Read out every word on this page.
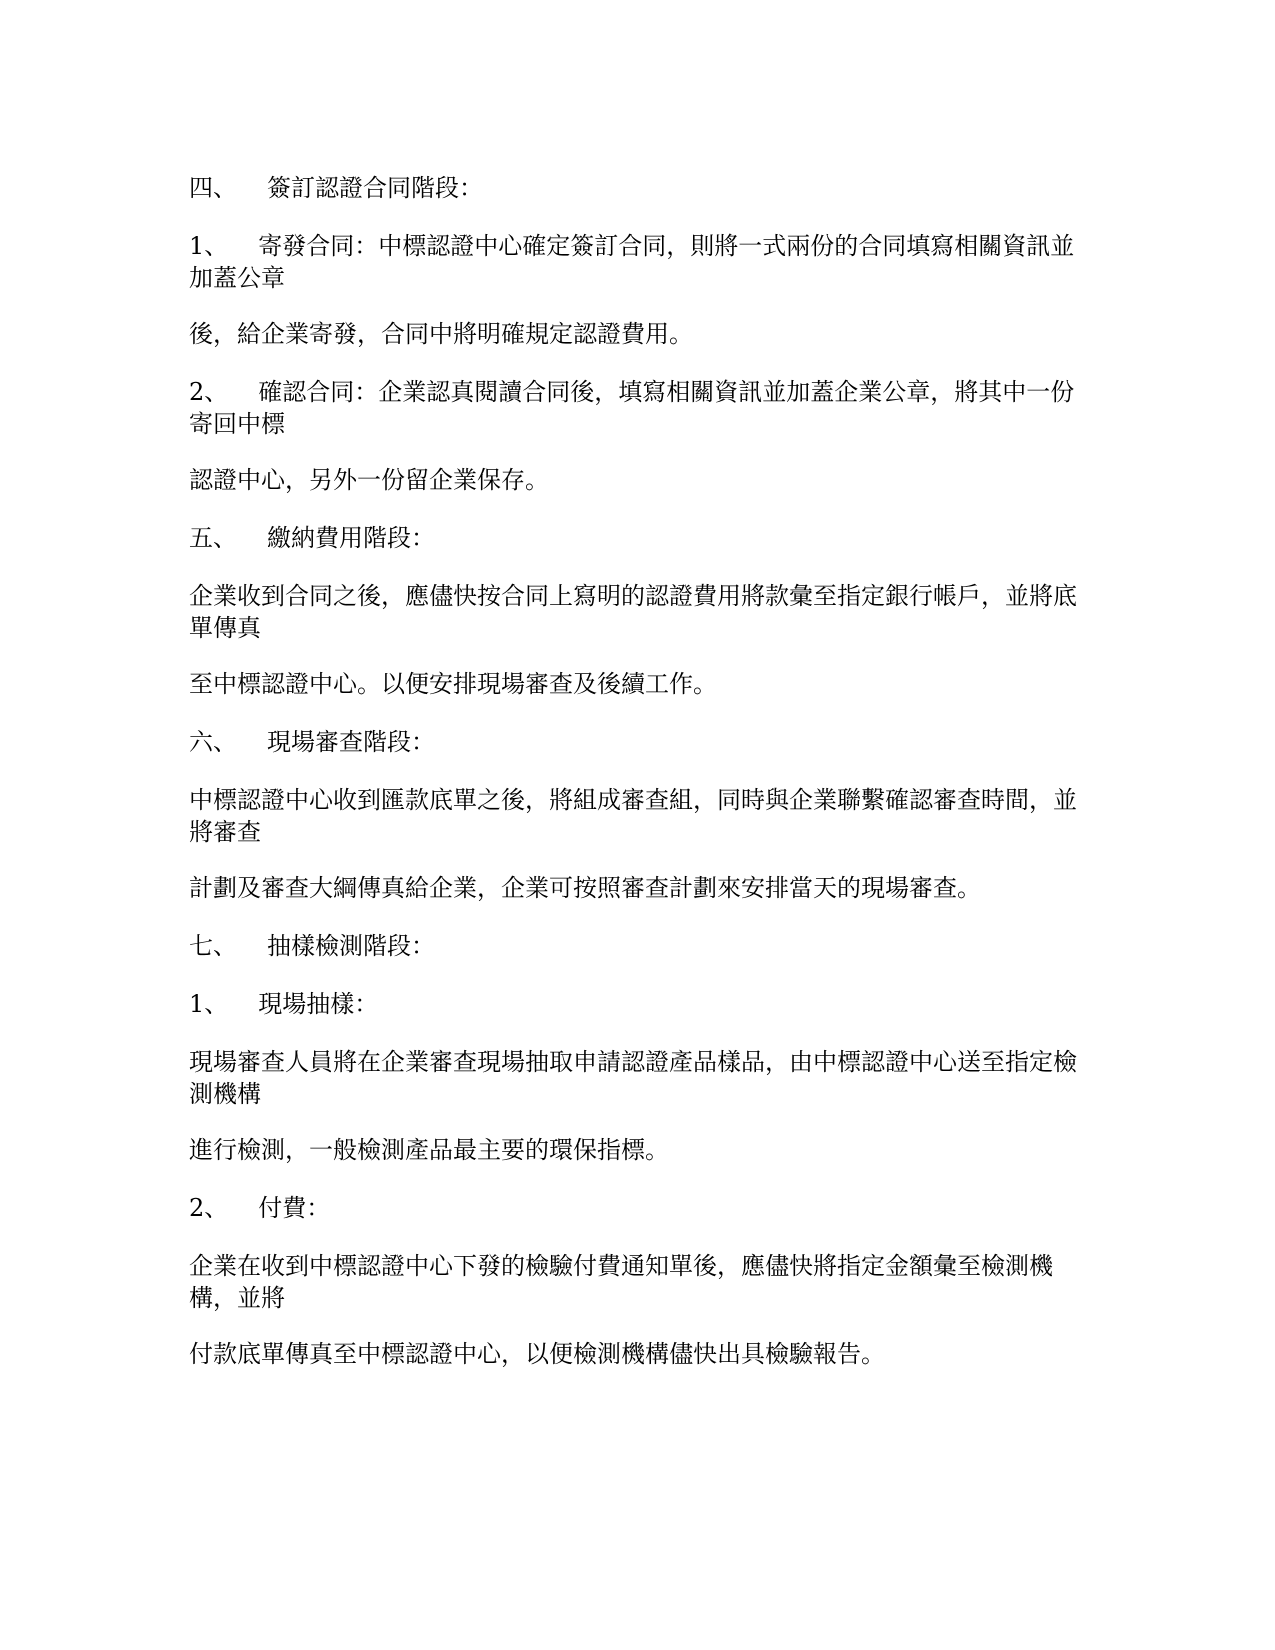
四、 簽訂認證合同階段：

1、 寄發合同：中標認證中心確定簽訂合同，則將一式兩份的合同填寫相關資訊並加蓋公章

後，給企業寄發，合同中將明確規定認證費用。

2、 確認合同：企業認真閱讀合同後，填寫相關資訊並加蓋企業公章，將其中一份寄回中標

認證中心，另外一份留企業保存。

五、 繳納費用階段：

企業收到合同之後，應儘快按合同上寫明的認證費用將款彙至指定銀行帳戶，並將底單傳真

至中標認證中心。以便安排現場審查及後續工作。

六、 現場審查階段：

中標認證中心收到匯款底單之後，將組成審查組，同時與企業聯繫確認審查時間，並將審查

計劃及審查大綱傳真給企業，企業可按照審查計劃來安排當天的現場審查。

七、 抽樣檢測階段：

1、 現場抽樣：

現場審查人員將在企業審查現場抽取申請認證產品樣品，由中標認證中心送至指定檢測機構

進行檢測，一般檢測產品最主要的環保指標。

2、 付費：

企業在收到中標認證中心下發的檢驗付費通知單後，應儘快將指定金額彙至檢測機構，並將

付款底單傳真至中標認證中心，以便檢測機構儘快出具檢驗報告。
